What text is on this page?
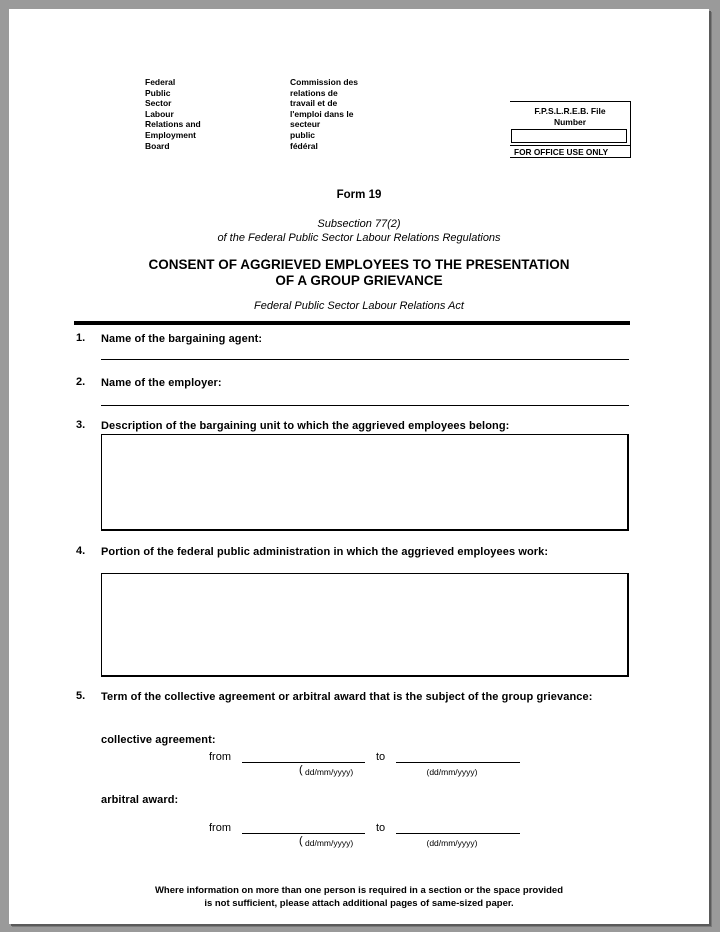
Federal
Public
Sector
Labour
Relations and
Employment
Board
Commission des
relations de
travail et de
l'emploi dans le
secteur
public
fédéral
F.P.S.L.R.E.B. File
Number
FOR OFFICE USE ONLY
Form 19
Subsection 77(2)
of the Federal Public Sector Labour Relations Regulations
CONSENT OF AGGRIEVED EMPLOYEES TO THE PRESENTATION
OF A GROUP GRIEVANCE
Federal Public Sector Labour Relations Act
1. Name of the bargaining agent:
2. Name of the employer:
3. Description of the bargaining unit to which the aggrieved employees belong:
4. Portion of the federal public administration in which the aggrieved employees work:
5. Term of the collective agreement or arbitral award that is the subject of the group grievance:
collective agreement:
from	to
( dd/mm/yyyy)	(dd/mm/yyyy)
arbitral award:
from	to
( dd/mm/yyyy)	(dd/mm/yyyy)
Where information on more than one person is required in a section or the space provided
is not sufficient, please attach additional pages of same-sized paper.
